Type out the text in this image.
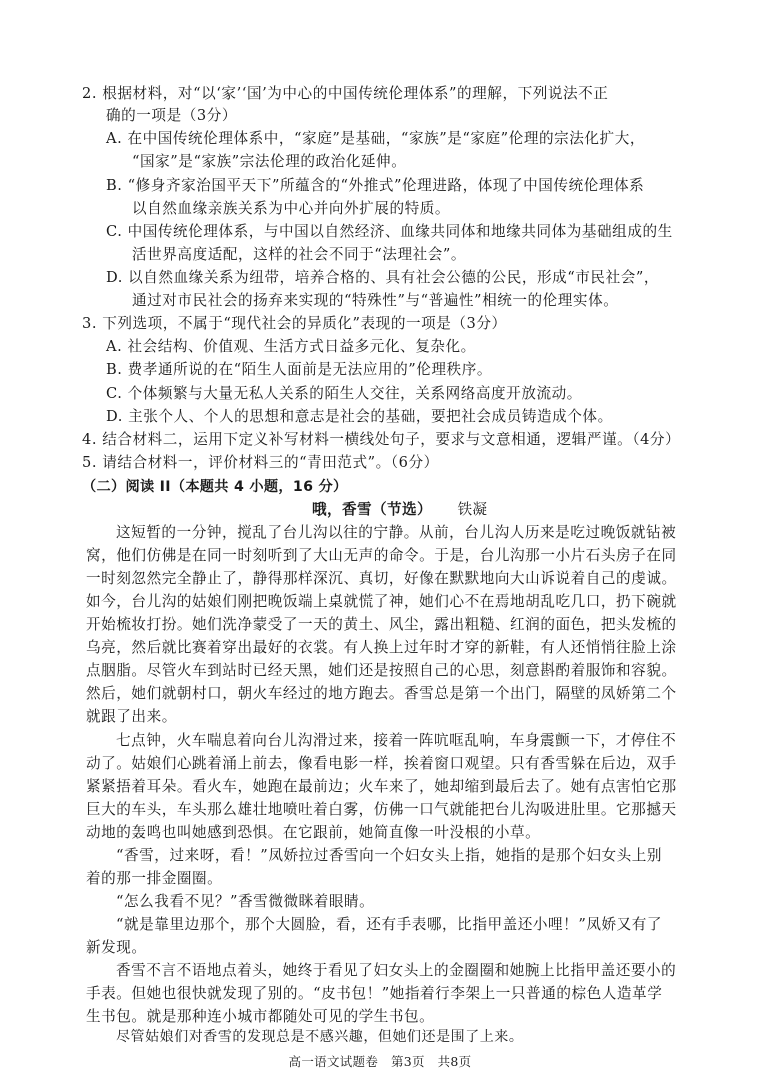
2. 根据材料，对“以‘家’‘国’为中心的中国传统伦理体系”的理解，下列说法不正
确的一项是（3分）
A. 在中国传统伦理体系中，“家庭”是基础，“家族”是“家庭”伦理的宗法化扩大，
“国家”是“家族”宗法伦理的政治化延伸。
B. “修身齐家治国平天下”所蕴含的“外推式”伦理进路，体现了中国传统伦理体系
以自然血缘亲族关系为中心并向外扩展的特质。
C. 中国传统伦理体系，与中国以自然经济、血缘共同体和地缘共同体为基础组成的生
活世界高度适配，这样的社会不同于“法理社会”。
D. 以自然血缘关系为纽带，培养合格的、具有社会公德的公民，形成“市民社会”，
通过对市民社会的扬弃来实现的“特殊性”与“普遍性”相统一的伦理实体。
3. 下列选项，不属于“现代社会的异质化”表现的一项是（3分）
A. 社会结构、价值观、生活方式日益多元化、复杂化。
B. 费孝通所说的在“陌生人面前是无法应用的”伦理秩序。
C. 个体频繁与大量无私人关系的陌生人交往，关系网络高度开放流动。
D. 主张个人、个人的思想和意志是社会的基础，要把社会成员铸造成个体。
4. 结合材料二，运用下定义补写材料一横线处句子，要求与文意相通，逻辑严谨。（4分）
5. 请结合材料一，评价材料三的“青田范式”。（6分）
（二）阅读 II（本题共 4 小题，16 分）
哦，香雪（节选） 铁凝
这短暂的一分钟，搅乱了台儿沟以往的宁静。从前，台儿沟人历来是吃过晚饭就钻被
窝，他们仿佛是在同一时刻听到了大山无声的命令。于是，台儿沟那一小片石头房子在同
一时刻忽然完全静止了，静得那样深沉、真切，好像在默默地向大山诉说着自己的虔诚。
如今，台儿沟的姑娘们刚把晚饭端上桌就慌了神，她们心不在焉地胡乱吃几口，扔下碗就
开始梳妆打扮。她们洗净蒙受了一天的黄土、风尘，露出粗糙、红润的面色，把头发梳的
乌亮，然后就比赛着穿出最好的衣裳。有人换上过年时才穿的新鞋，有人还悄悄往脸上涂
点胭脂。尽管火车到站时已经天黑，她们还是按照自己的心思，刻意斟酌着服饰和容貌。
然后，她们就朝村口，朝火车经过的地方跑去。香雪总是第一个出门，隔壁的凤娇第二个
就跟了出来。
七点钟，火车喘息着向台儿沟滑过来，接着一阵吭哐乱响，车身震颤一下，才停住不
动了。姑娘们心跳着涌上前去，像看电影一样，挨着窗口观望。只有香雪躲在后边，双手
紧紧捂着耳朵。看火车，她跑在最前边；火车来了，她却缩到最后去了。她有点害怕它那
巨大的车头，车头那么雄壮地喷吐着白雾，仿佛一口气就能把台儿沟吸进肚里。它那撼天
动地的轰鸣也叫她感到恐惧。在它跟前，她简直像一叶没根的小草。
“香雪，过来呀，看！”凤娇拉过香雪向一个妇女头上指，她指的是那个妇女头上别
着的那一排金圈圈。
“怎么我看不见？”香雪微微眯着眼睛。
“就是靠里边那个，那个大圆脸，看，还有手表哪，比指甲盖还小哩！”凤娇又有了
新发现。
香雪不言不语地点着头，她终于看见了妇女头上的金圈圈和她腕上比指甲盖还要小的
手表。但她也很快就发现了别的。“皮书包！”她指着行李架上一只普通的棕色人造革学
生书包。就是那种连小城市都随处可见的学生书包。
尽管姑娘们对香雪的发现总是不感兴趣，但她们还是围了上来。
高一语文试题卷　第3页　共8页
